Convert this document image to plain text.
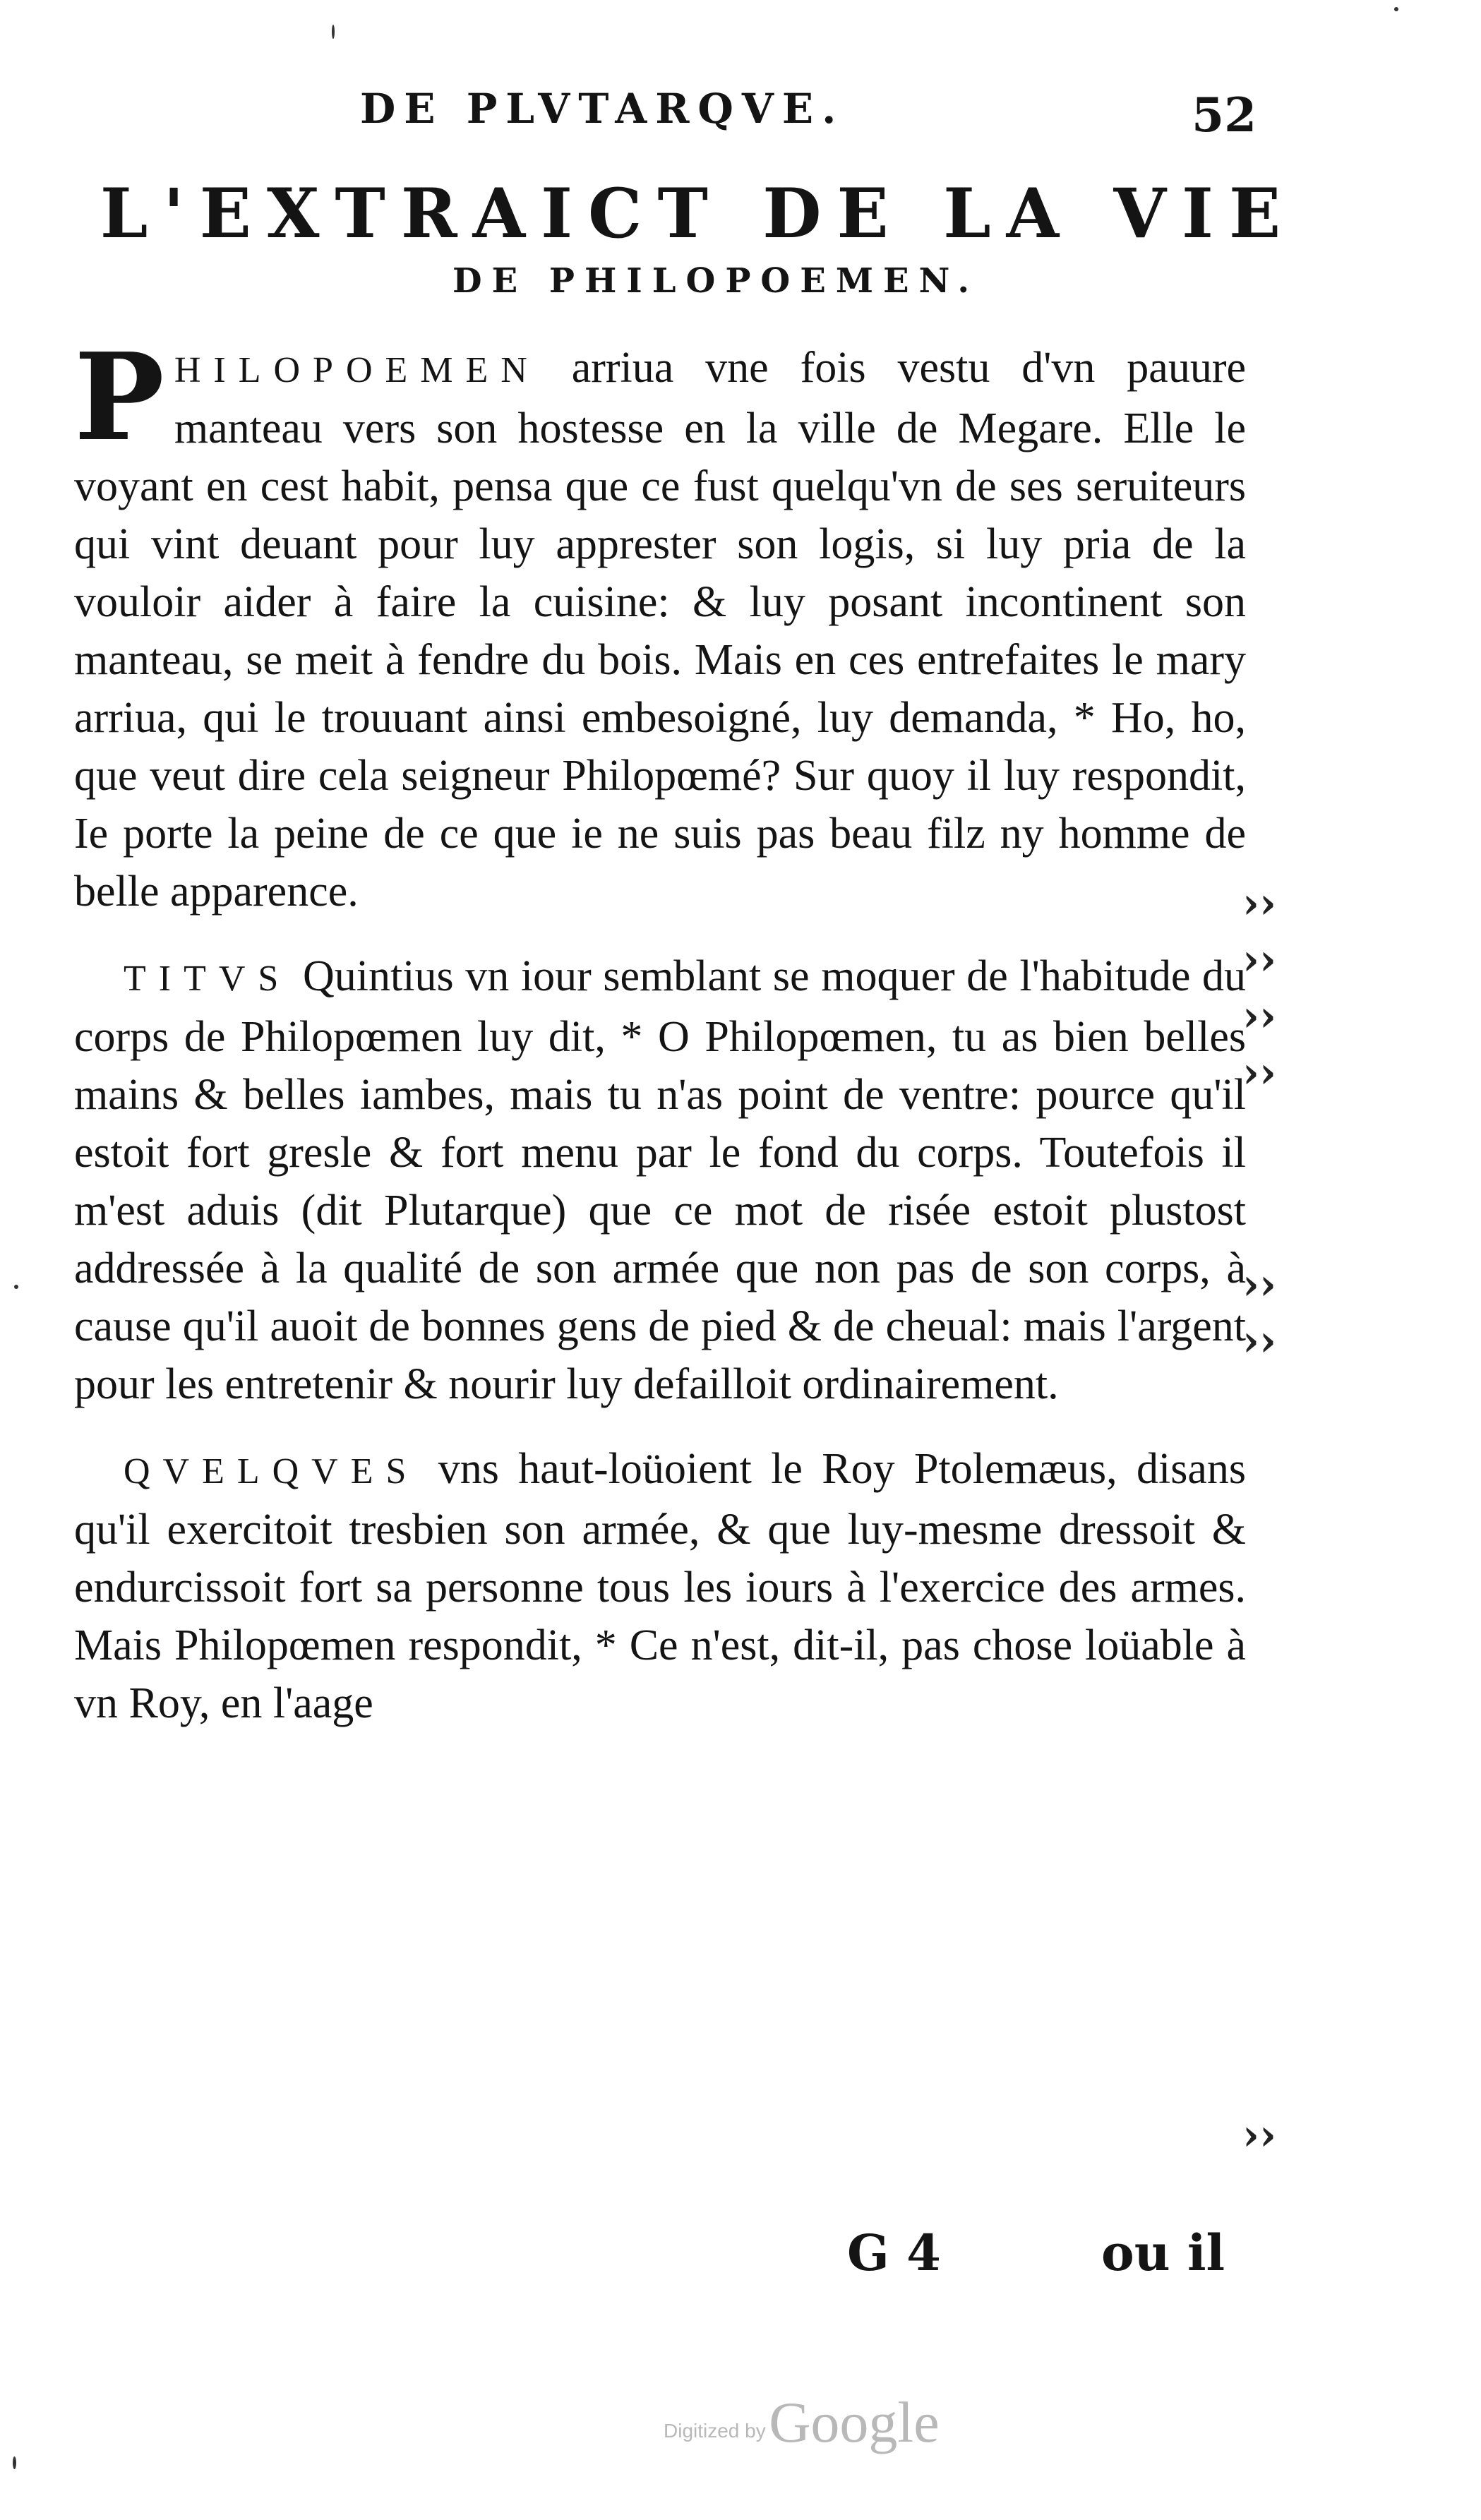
DE PLVTARQVE.	52
L'EXTRAICT DE LA VIE
DE PHILOPOEMEN.

PHILOPOEMEN arriua vne fois vestu d'vn pauure manteau vers son hostesse en la ville de Megare. Elle le voyant en cest habit, pensa que ce fust quelqu'vn de ses seruiteurs qui vint deuant pour luy apprester son logis, si luy pria de la vouloir aider à faire la cuisine: & luy posant incontinent son manteau, se meit à fendre du bois. Mais en ces entrefaites le mary arriua, qui le trouuant ainsi embesoigné, luy demanda, * Ho, ho, que veut dire cela seigneur Philopœmé? Sur quoy il luy respondit, Ie porte la peine de ce que ie ne suis pas beau filz ny homme de belle apparence.

TITVS Quintius vn iour semblant se moquer de l'habitude du corps de Philopœmen luy dit, * O Philopœmen, tu as bien belles mains & belles iambes, mais tu n'as point de ventre: pource qu'il estoit fort gresle & fort menu par le fond du corps. Toutefois il m'est aduis (dit Plutarque) que ce mot de risée estoit plustost addressée à la qualité de son armée que non pas de son corps, à cause qu'il auoit de bonnes gens de pied & de cheual: mais l'argent pour les entretenir & nourir luy defailloit ordinairement.

QVELQVES vns haut-loüoient le Roy Ptolemæus, disans qu'il exercitoit tresbien son armée, & que luy-mesme dressoit & endurcissoit fort sa personne tous les iours à l'exercice des armes. Mais Philopœmen respondit, * Ce n'est, dit-il, pas chose loüable à vn Roy, en l'aage

››
››
››
››
››
››
››
G 4	ou il
Digitized by Google
